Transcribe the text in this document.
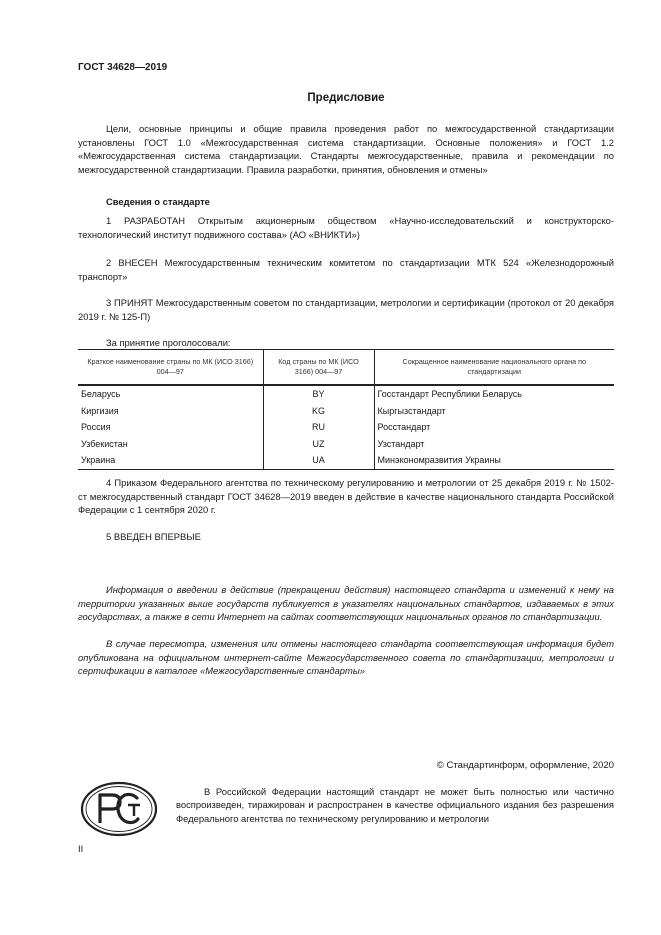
ГОСТ 34628—2019
Предисловие
Цели, основные принципы и общие правила проведения работ по межгосударственной стандартизации установлены ГОСТ 1.0 «Межгосударственная система стандартизации. Основные положения» и ГОСТ 1.2 «Межгосударственная система стандартизации. Стандарты межгосударственные, правила и рекомендации по межгосударственной стандартизации. Правила разработки, принятия, обновления и отмены»
Сведения о стандарте
1 РАЗРАБОТАН Открытым акционерным обществом «Научно-исследовательский и конструкторско-технологический институт подвижного состава» (АО «ВНИКТИ»)
2 ВНЕСЕН Межгосударственным техническим комитетом по стандартизации МТК 524 «Железнодорожный транспорт»
3 ПРИНЯТ Межгосударственным советом по стандартизации, метрологии и сертификации (протокол от 20 декабря 2019 г. № 125-П)
За принятие проголосовали:
Краткое наименование страны по МК (ИСО 3166) 004—97	Код страны по МК (ИСО 3166) 004—97	Сокращенное наименование национального органа по стандартизации
Беларусь	BY	Госстандарт Республики Беларусь
Киргизия	KG	Кыргызстандарт
Россия	RU	Росстандарт
Узбекистан	UZ	Узстандарт
Украина	UA	Минэкономразвития Украины
4 Приказом Федерального агентства по техническому регулированию и метрологии от 25 декабря 2019 г. № 1502-ст межгосударственный стандарт ГОСТ 34628—2019 введен в действие в качестве национального стандарта Российской Федерации с 1 сентября 2020 г.
5 ВВЕДЕН ВПЕРВЫЕ
Информация о введении в действие (прекращении действия) настоящего стандарта и изменений к нему на территории указанных выше государств публикуется в указателях национальных стандартов, издаваемых в этих государствах, а также в сети Интернет на сайтах соответствующих национальных органов по стандартизации.
В случае пересмотра, изменения или отмены настоящего стандарта соответствующая информация будет опубликована на официальном интернет-сайте Межгосударственного совета по стандартизации, метрологии и сертификации в каталоге «Межгосударственные стандарты»
© Стандартинформ, оформление, 2020
В Российской Федерации настоящий стандарт не может быть полностью или частично воспроизведен, тиражирован и распространен в качестве официального издания без разрешения Федерального агентства по техническому регулированию и метрологии
II
